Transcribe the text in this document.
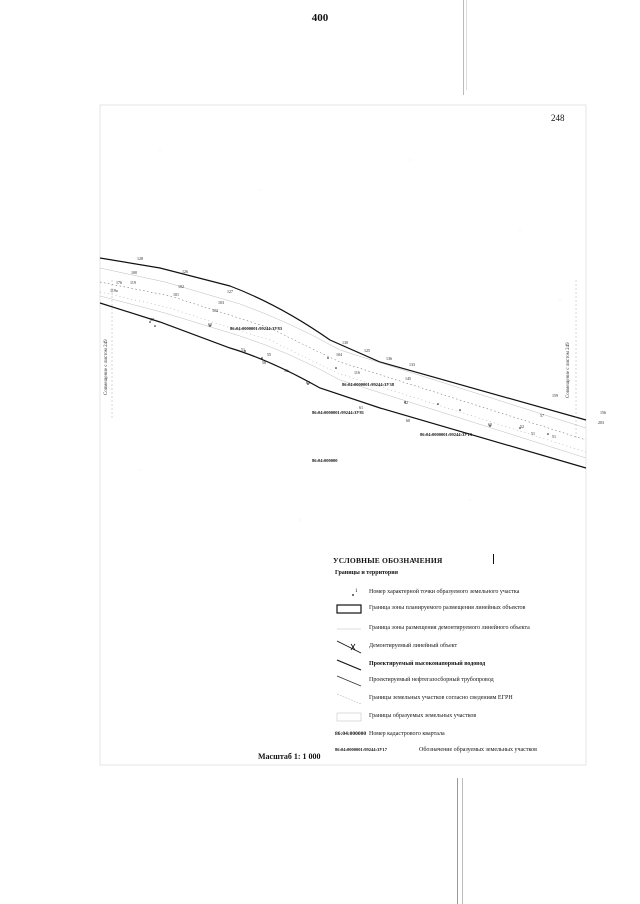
400
248
Совмещение с листом 249	Совмещение с листом 249
86:04:0000001:99244:ЗУ83
86:04:0000001:99244:ЗУ38
86:04:0000001:99244:ЗУ81
86:04:0000001:99244:ЗУ13
86:04:000000
128
126
127
100
176 119
119а
102
103
101
102
87
60
51
55
56
58
63
130
125
104
136
133
116
145
61
60
159
57
52
51
51
156
203
60
42
УСЛОВНЫЕ ОБОЗНАЧЕНИЯ
Границы и территория
1 Номер характерной точки образуемого земельного участка
Граница зоны планируемого размещения линейных объектов
Граница зоны размещения демонтируемого линейного объекта
Демонтируемый линейный объект
Проектируемый высоконапорный водовод
Проектируемый нефтегазосборный трубопровод
Границы земельных участков согласно сведениям ЕГРН
Границы образуемых земельных участков
86:04:000000 Номер кадастрового квартала
86:04:0000001:99244:ЗУ17	Обозначение образуемых земельных участков
Масштаб 1: 1 000
